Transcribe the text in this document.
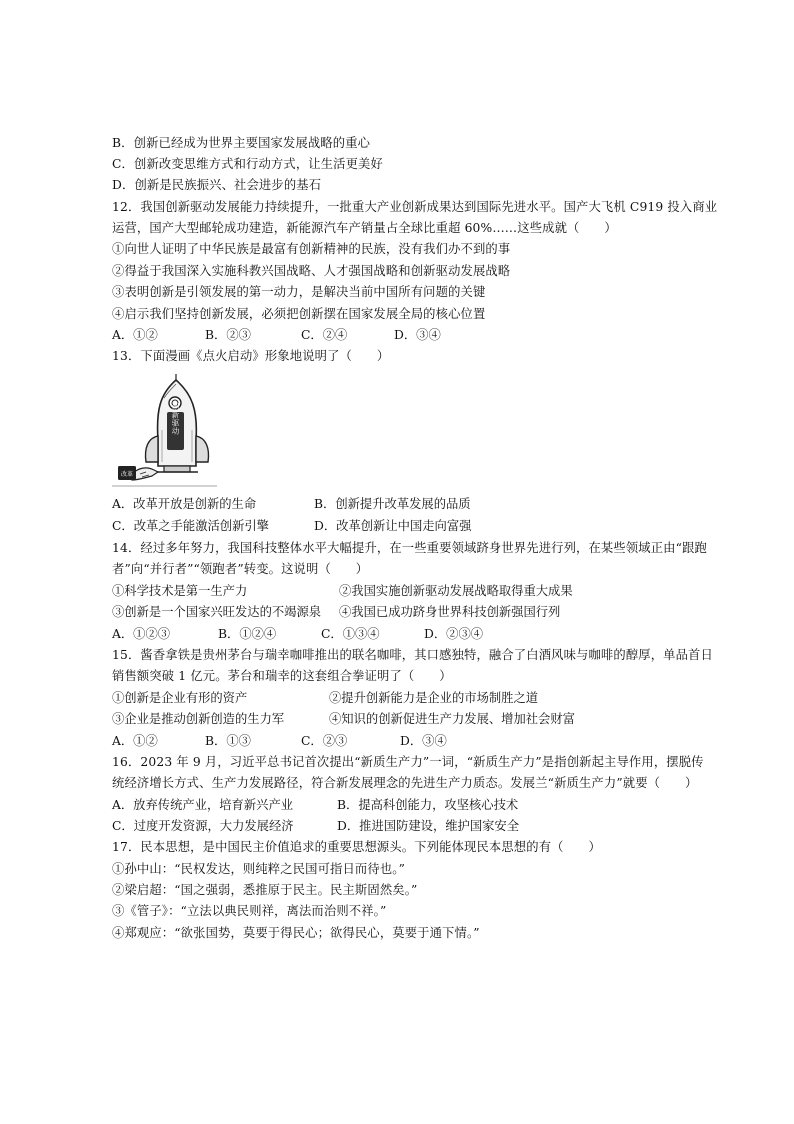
B．创新已经成为世界主要国家发展战略的重心
C．创新改变思维方式和行动方式，让生活更美好
D．创新是民族振兴、社会进步的基石
12．我国创新驱动发展能力持续提升，一批重大产业创新成果达到国际先进水平。国产大飞机 C919 投入商业
运营，国产大型邮轮成功建造，新能源汽车产销量占全球比重超 60%……这些成就（　　）
①向世人证明了中华民族是最富有创新精神的民族，没有我们办不到的事
②得益于我国深入实施科教兴国战略、人才强国战略和创新驱动发展战略
③表明创新是引领发展的第一动力，是解决当前中国所有问题的关键
④启示我们坚持创新发展，必须把创新摆在国家发展全局的核心位置
A．①②	B．②③	C．②④	D．③④
13．下面漫画《点火启动》形象地说明了（　　）
创新驱动
改革
A．改革开放是创新的生命	B．创新提升改革发展的品质
C．改革之手能激活创新引擎	D．改革创新让中国走向富强
14．经过多年努力，我国科技整体水平大幅提升，在一些重要领域跻身世界先进行列，在某些领域正由“跟跑
者”向“并行者”“领跑者”转变。这说明（　　）
①科学技术是第一生产力	②我国实施创新驱动发展战略取得重大成果
③创新是一个国家兴旺发达的不竭源泉 ④我国已成功跻身世界科技创新强国行列
A．①②③	B．①②④	C．①③④	D．②③④
15．酱香拿铁是贵州茅台与瑞幸咖啡推出的联名咖啡，其口感独特，融合了白酒风味与咖啡的醇厚，单品首日
销售额突破 1 亿元。茅台和瑞幸的这套组合拳证明了（　　）
①创新是企业有形的资产	②提升创新能力是企业的市场制胜之道
③企业是推动创新创造的生力军	④知识的创新促进生产力发展、增加社会财富
A．①②	B．①③	C．②③	D．③④
16．2023 年 9 月，习近平总书记首次提出“新质生产力”一词，“新质生产力”是指创新起主导作用，摆脱传
统经济增长方式、生产力发展路径，符合新发展理念的先进生产力质态。发展兰“新质生产力”就要（　　）
A．放弃传统产业，培育新兴产业	B．提高科创能力，攻坚核心技术
C．过度开发资源，大力发展经济	D．推进国防建设，维护国家安全
17．民本思想，是中国民主价值追求的重要思想源头。下列能体现民本思想的有（　　）
①孙中山：“民权发达，则纯粹之民国可指日而待也。”
②梁启超：“国之强弱，悉推原于民主。民主斯固然矣。”
③《管子》：“立法以典民则祥，离法而治则不祥。”
④郑观应：“欲张国势，莫要于得民心；欲得民心，莫要于通下情。”
